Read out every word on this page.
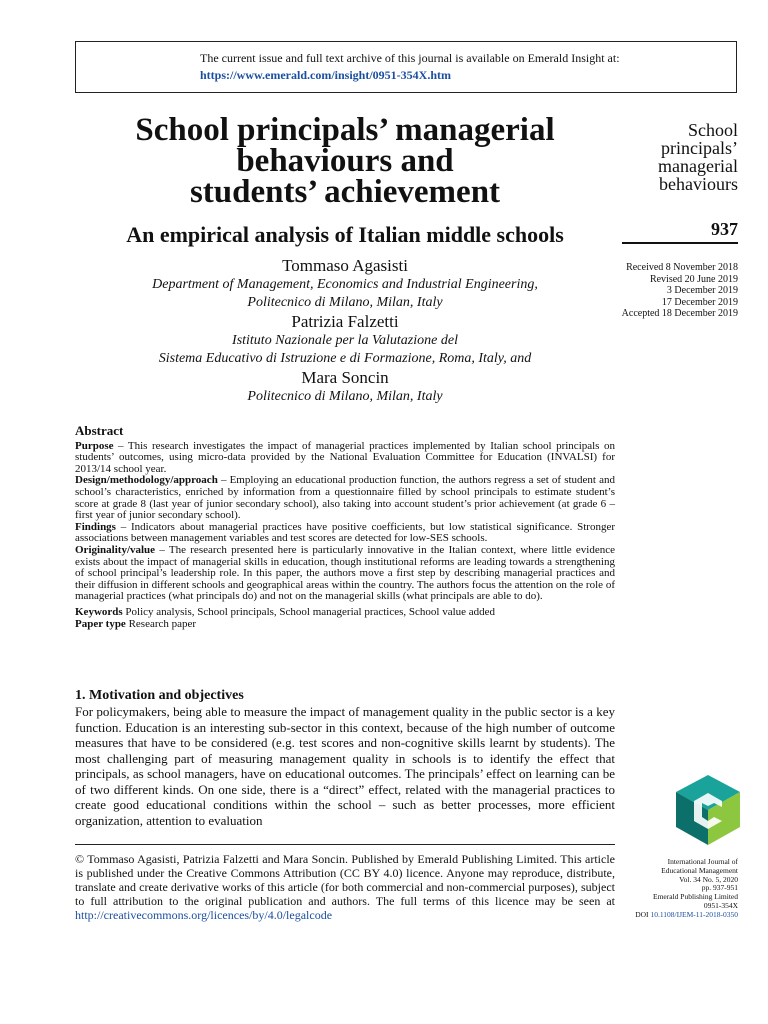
The current issue and full text archive of this journal is available on Emerald Insight at:
https://www.emerald.com/insight/0951-354X.htm
School principals’ managerial
behaviours and
students’ achievement
An empirical analysis of Italian middle schools
School
principals’
managerial
behaviours
937
Received 8 November 2018
Revised 20 June 2019
3 December 2019
17 December 2019
Accepted 18 December 2019
Tommaso Agasisti
Department of Management, Economics and Industrial Engineering,
Politecnico di Milano, Milan, Italy
Patrizia Falzetti
Istituto Nazionale per la Valutazione del
Sistema Educativo di Istruzione e di Formazione, Roma, Italy, and
Mara Soncin
Politecnico di Milano, Milan, Italy
Abstract

Purpose – This research investigates the impact of managerial practices implemented by Italian school principals on students’ outcomes, using micro-data provided by the National Evaluation Committee for Education (INVALSI) for 2013/14 school year.

Design/methodology/approach – Employing an educational production function, the authors regress a set of student and school’s characteristics, enriched by information from a questionnaire filled by school principals to estimate student’s score at grade 8 (last year of junior secondary school), also taking into account student’s prior achievement (at grade 6 – first year of junior secondary school).

Findings – Indicators about managerial practices have positive coefficients, but low statistical significance. Stronger associations between management variables and test scores are detected for low-SES schools.

Originality/value – The research presented here is particularly innovative in the Italian context, where little evidence exists about the impact of managerial skills in education, though institutional reforms are leading towards a strengthening of school principal’s leadership role. In this paper, the authors move a first step by describing managerial practices and their diffusion in different schools and geographical areas within the country. The authors focus the attention on the role of managerial practices (what principals do) and not on the managerial skills (what principals are able to do).

Keywords Policy analysis, School principals, School managerial practices, School value added

Paper type Research paper

1. Motivation and objectives
For policymakers, being able to measure the impact of management quality in the public sector is a key function. Education is an interesting sub-sector in this context, because of the high number of outcome measures that have to be considered (e.g. test scores and non-cognitive skills learnt by students). The most challenging part of measuring management quality in schools is to identify the effect that principals, as school managers, have on educational outcomes. The principals’ effect on learning can be of two different kinds. On one side, there is a “direct” effect, related with the managerial practices to create good educational conditions within the school – such as better processes, more efficient organization, attention to evaluation
© Tommaso Agasisti, Patrizia Falzetti and Mara Soncin. Published by Emerald Publishing Limited. This article is published under the Creative Commons Attribution (CC BY 4.0) licence. Anyone may reproduce, distribute, translate and create derivative works of this article (for both commercial and non-commercial purposes), subject to full attribution to the original publication and authors. The full terms of this licence may be seen at http://creativecommons.org/licences/by/4.0/legalcode
International Journal of
Educational Management
Vol. 34 No. 5, 2020
pp. 937-951
Emerald Publishing Limited
0951-354X
DOI 10.1108/IJEM-11-2018-0350
